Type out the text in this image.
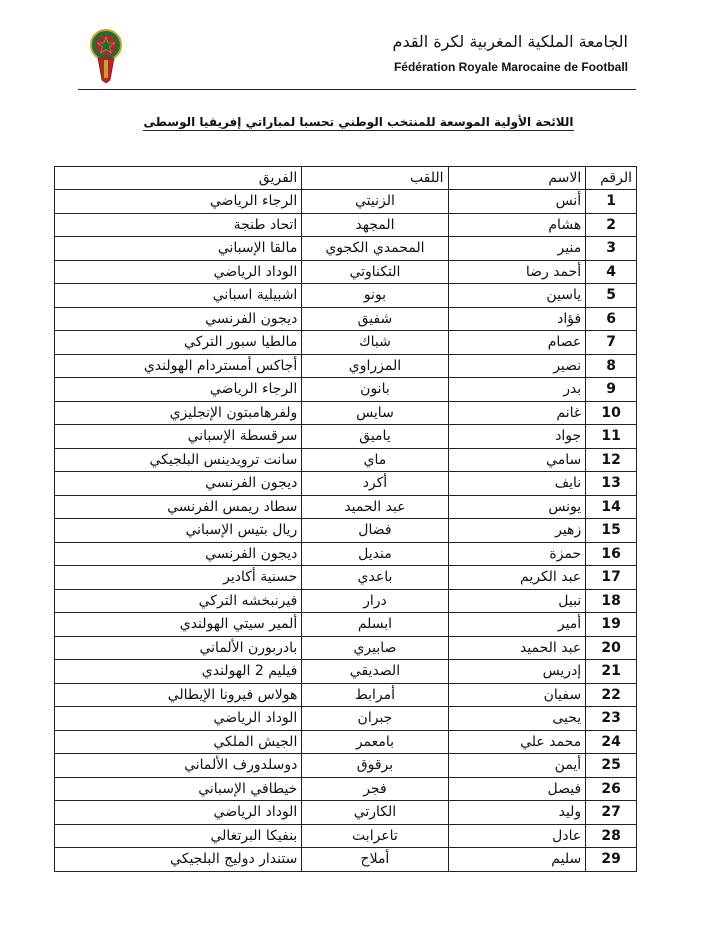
الجامعة الملكية المغربية لكرة القدم
Fédération Royale Marocaine de Football
اللائحة الأولية الموسعة للمنتخب الوطني تحسبا لمباراتي إفريقيا الوسطى
الرقم	الاسم	اللقب	الفريق
1	أنس	الزنيتي	الرجاء الرياضي
2	هشام	المجهد	اتحاد طنجة
3	منير	المحمدي الكجوي	مالقا الإسباني
4	أحمد رضا	التكناوتي	الوداد الرياضي
5	ياسين	بونو	اشبيلية اسباني
6	فؤاد	شفيق	ديجون الفرنسي
7	عصام	شباك	مالطيا سبور التركي
8	نصير	المزراوي	أجاكس أمستردام الهولندي
9	بدر	بانون	الرجاء الرياضي
10	غانم	سايس	ولفرهامبتون الإنجليزي
11	جواد	ياميق	سرقسطة الإسباني
12	سامي	ماي	سانت ترويدينس البلجيكي
13	نايف	أكرد	ديجون الفرنسي
14	يونس	عبد الحميد	سطاد ريمس الفرنسي
15	زهير	فضال	ريال بتيس الإسباني
16	حمزة	منديل	ديجون الفرنسي
17	عبد الكريم	باعدي	حسنية أكادير
18	نبيل	درار	فيرنبخشه التركي
19	أمير	ابسلم	ألمير سيتي الهولندي
20	عبد الحميد	صابيري	بادربورن الألماني
21	إدريس	الصديقي	فيليم 2 الهولندي
22	سفيان	أمرابط	هولاس فيرونا الإيطالي
23	يحيى	جبران	الوداد الرياضي
24	محمد علي	بامعمر	الجيش الملكي
25	أيمن	برقوق	دوسلدورف الألماني
26	فيصل	فجر	خيطافي الإسباني
27	وليد	الكارتي	الوداد الرياضي
28	عادل	تاعرابت	بنفيكا البرتغالي
29	سليم	أملاح	ستندار دوليج البلجيكي
